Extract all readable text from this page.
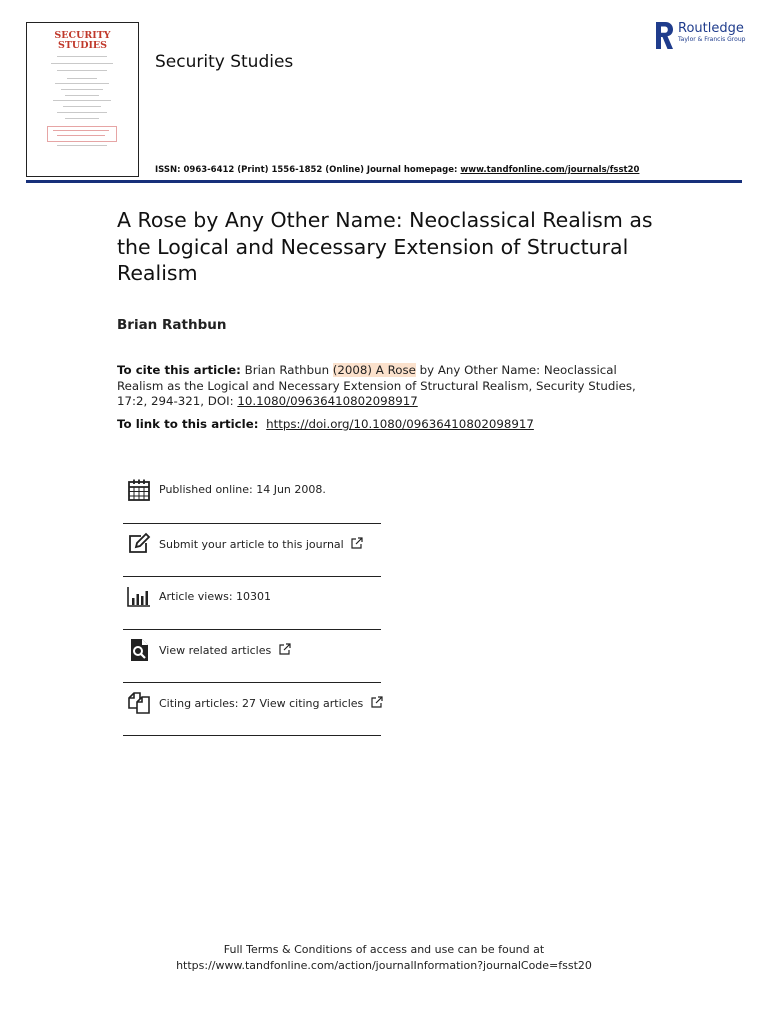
SECURITY
STUDIES
Security Studies
ISSN: 0963-6412 (Print) 1556-1852 (Online) Journal homepage: www.tandfonline.com/journals/fsst20
Routledge
Taylor & Francis Group
A Rose by Any Other Name: Neoclassical Realism as the Logical and Necessary Extension of Structural Realism
Brian Rathbun
To cite this article: Brian Rathbun (2008) A Rose by Any Other Name: Neoclassical Realism as the Logical and Necessary Extension of Structural Realism, Security Studies, 17:2, 294-321, DOI: 10.1080/09636410802098917
To link to this article: https://doi.org/10.1080/09636410802098917
Published online: 14 Jun 2008.
Submit your article to this journal
Article views: 10301
View related articles
Citing articles: 27 View citing articles
Full Terms & Conditions of access and use can be found at
https://www.tandfonline.com/action/journalInformation?journalCode=fsst20
